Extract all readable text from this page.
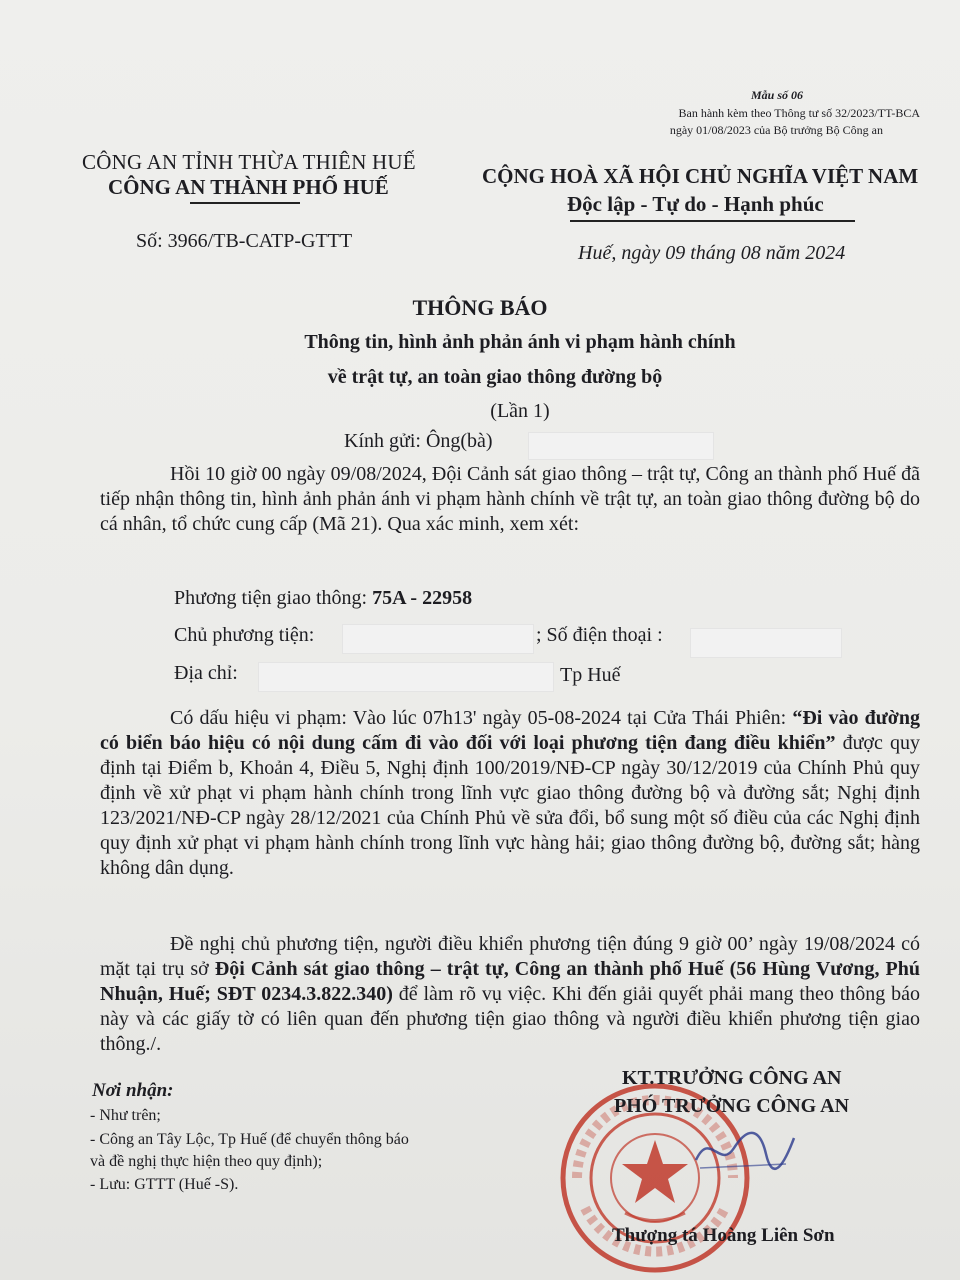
Mẫu số 06
Ban hành kèm theo Thông tư số 32/2023/TT-BCA
ngày 01/08/2023 của Bộ trưởng Bộ Công an
CÔNG AN TỈNH THỪA THIÊN HUẾ
CÔNG AN THÀNH PHỐ HUẾ	CỘNG HOÀ XÃ HỘI CHỦ NGHĨA VIỆT NAM
Độc lập - Tự do - Hạnh phúc
Số: 3966/TB-CATP-GTTT
Huế, ngày 09 tháng 08 năm 2024
THÔNG BÁO
Thông tin, hình ảnh phản ánh vi phạm hành chính
về trật tự, an toàn giao thông đường bộ
(Lần 1)
Kính gửi: Ông(bà)
Hồi 10 giờ 00 ngày 09/08/2024, Đội Cảnh sát giao thông – trật tự, Công an thành phố Huế đã tiếp nhận thông tin, hình ảnh phản ánh vi phạm hành chính về trật tự, an toàn giao thông đường bộ do cá nhân, tổ chức cung cấp (Mã 21). Qua xác minh, xem xét:
Phương tiện giao thông: 75A - 22958
Chủ phương tiện:	; Số điện thoại :
Địa chỉ:	Tp Huế
Có dấu hiệu vi phạm: Vào lúc 07h13' ngày 05-08-2024 tại Cửa Thái Phiên: “Đi vào đường có biển báo hiệu có nội dung cấm đi vào đối với loại phương tiện đang điều khiển” được quy định tại Điểm b, Khoản 4, Điều 5, Nghị định 100/2019/NĐ-CP ngày 30/12/2019 của Chính Phủ quy định về xử phạt vi phạm hành chính trong lĩnh vực giao thông đường bộ và đường sắt; Nghị định 123/2021/NĐ-CP ngày 28/12/2021 của Chính Phủ về sửa đổi, bổ sung một số điều của các Nghị định quy định xử phạt vi phạm hành chính trong lĩnh vực hàng hải; giao thông đường bộ, đường sắt; hàng không dân dụng.
Đề nghị chủ phương tiện, người điều khiển phương tiện đúng 9 giờ 00’ ngày 19/08/2024 có mặt tại trụ sở Đội Cảnh sát giao thông – trật tự, Công an thành phố Huế (56 Hùng Vương, Phú Nhuận, Huế; SĐT 0234.3.822.340) để làm rõ vụ việc. Khi đến giải quyết phải mang theo thông báo này và các giấy tờ có liên quan đến phương tiện giao thông và người điều khiển phương tiện giao thông./.
Nơi nhận:
- Như trên;
- Công an Tây Lộc, Tp Huế (để chuyển thông báo
và đề nghị thực hiện theo quy định);
- Lưu: GTTT (Huế -S).
KT.TRƯỞNG CÔNG AN
PHÓ TRƯỞNG CÔNG AN
Thượng tá Hoàng Liên Sơn
